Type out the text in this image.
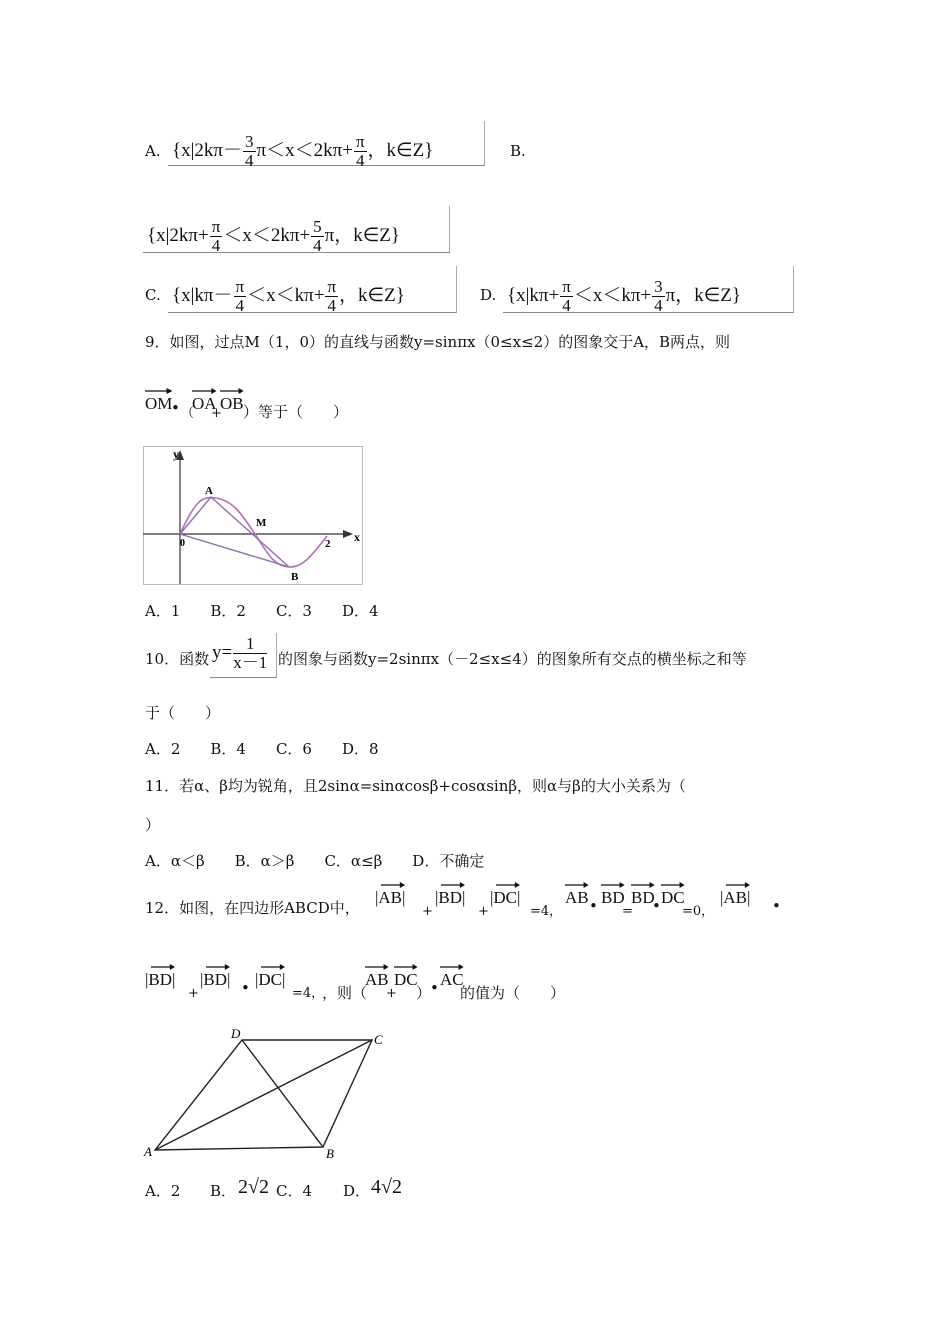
A. {$x|2k\pi- \frac{3}{4} \pi<x<2k\pi+ \frac{\pi}{4}$ ，k∈Z}	B.
{$x|2k\pi+ \frac{\pi}{4} <x<2k\pi+ \frac{5}{4}$ π，k∈Z}
C. {$x|k\pi- \frac{\pi}{4} <x<k\pi+ \frac{\pi}{4}$ ，k∈Z}	D. {$x|k\pi+ \frac{\pi}{4} <x<k\pi+ \frac{3}{4}$ π，k∈Z}
9．如图，过点M（1，0）的直线与函数y=sinπx（0≤x≤2）的图象交于A，B两点，则
OM
• （
OA
+
OB ）等于（　　）
y
x
0
A
M
B
2
A．1　　B．2　　C．3　　D．4
10．函数 $y= \frac{1}{x-1}$ 的图象与函数y=2sinπx（－2≤x≤4）的图象所有交点的横坐标之和等
于（　　）
A．2　　B．4　　C．6　　D．8
11．若α、β均为锐角，且2sinα=sinαcosβ+cosαsinβ，则α与β的大小关系为（
）
A．α＜β　　B．α＞β　　C．α≤β　　D．不确定
12．如图，在四边形ABCD中，
|AB|
+
|BD|
+
|DC|
=4，
AB • BD
=
BD
• DC
=0，
|AB| •
|BD|
+
|BD| • |DC|
=4，
，则（
AB
+
DC
）
• AC
的值为（　　）
A	B
C
D
A．2 B． 2√2 C．4 D． 4√2
